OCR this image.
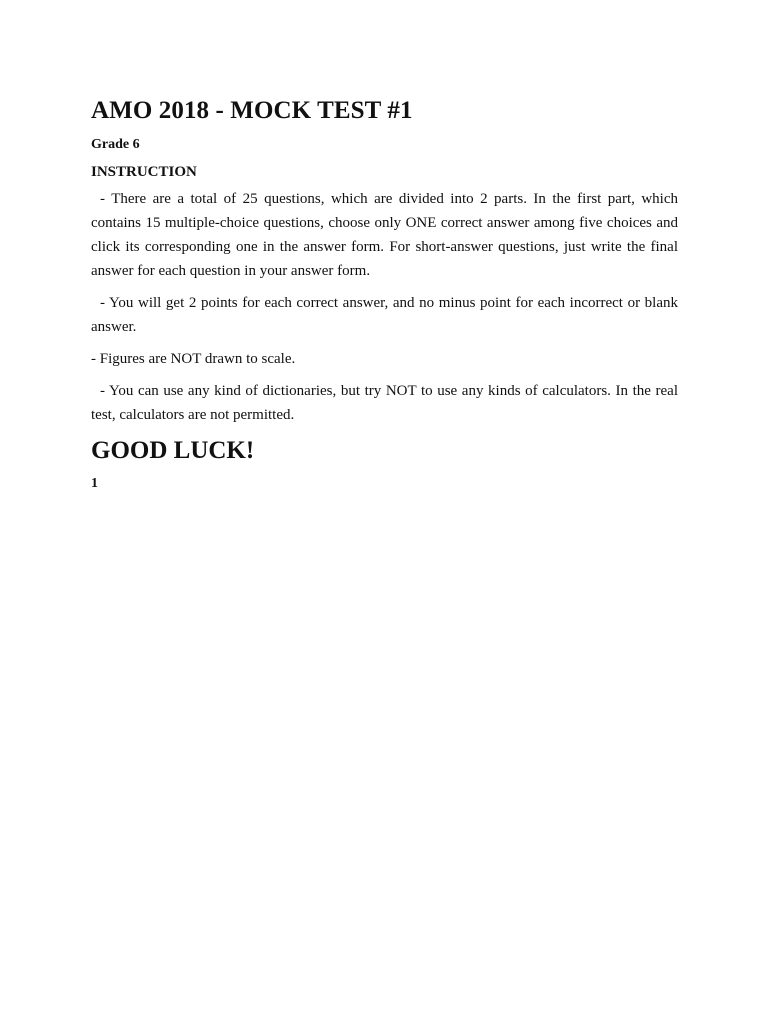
AMO 2018 - MOCK TEST #1
Grade 6
INSTRUCTION

- There are a total of 25 questions, which are divided into 2 parts. In the first part, which contains 15 multiple-choice questions, choose only ONE correct answer among five choices and click its corresponding one in the answer form. For short-answer questions, just write the final answer for each question in your answer form.

- You will get 2 points for each correct answer, and no minus point for each incorrect or blank answer.

- Figures are NOT drawn to scale.

- You can use any kind of dictionaries, but try NOT to use any kinds of calculators. In the real test, calculators are not permitted.

GOOD LUCK!
1
